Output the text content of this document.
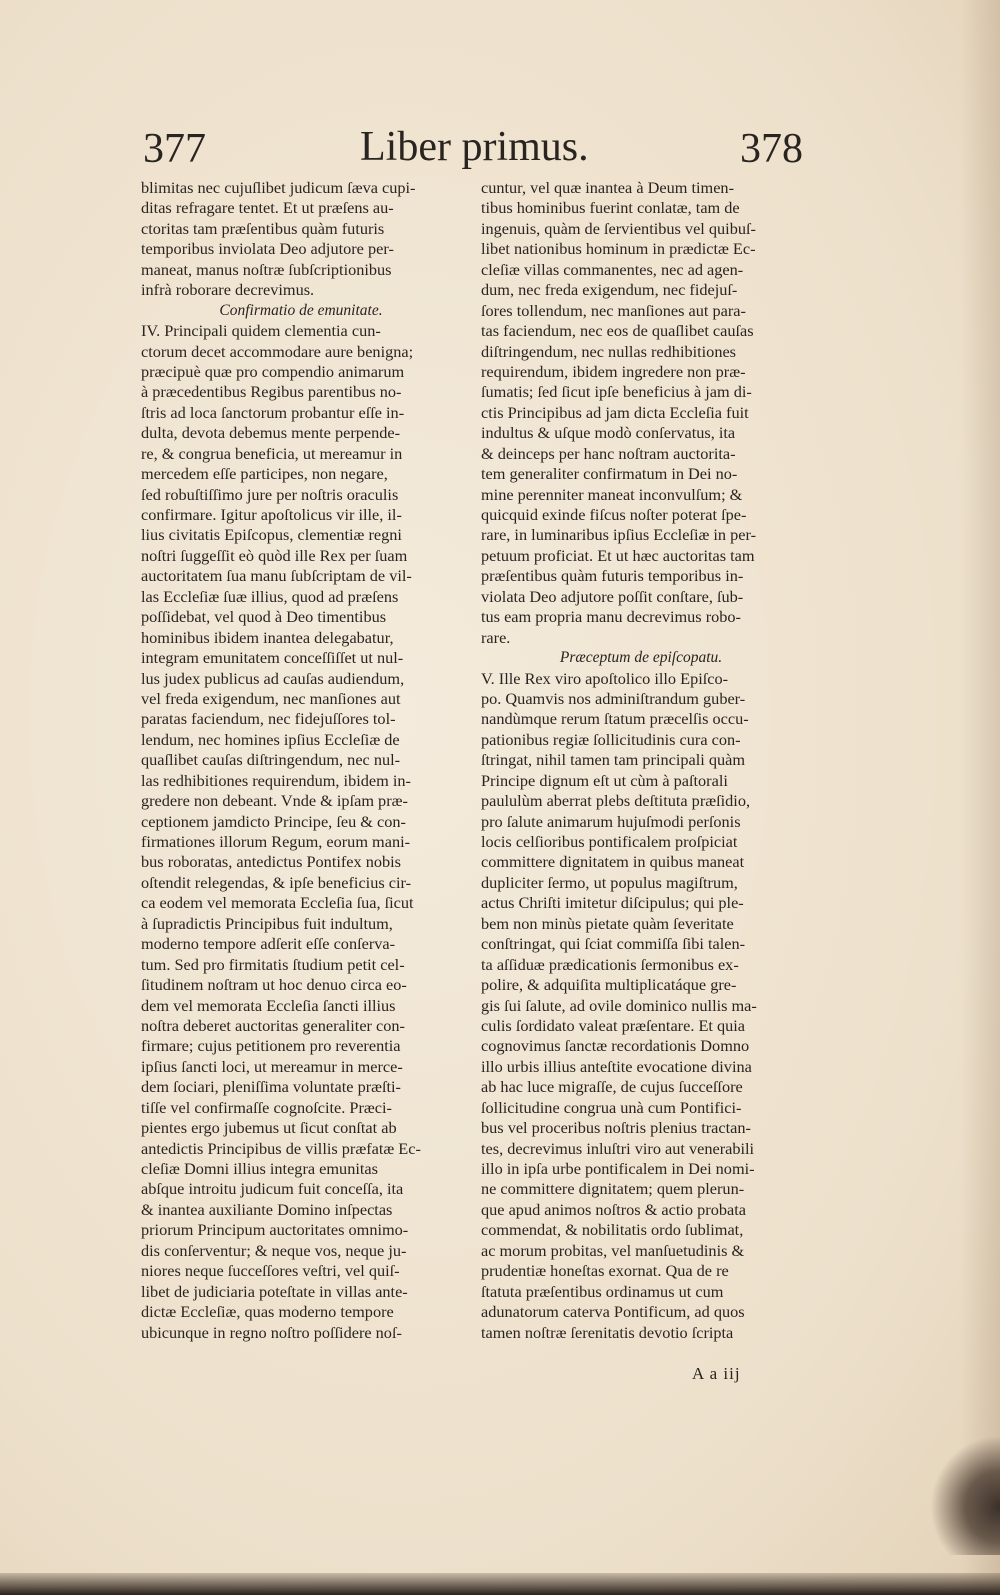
377	Liber primus.	378
blimitas nec cujuſlibet judicum ſæva cupi-
ditas refragare tentet. Et ut præſens au-
ctoritas tam præſentibus quàm futuris
temporibus inviolata Deo adjutore per-
maneat, manus noſtræ ſubſcriptionibus
infrà roborare decrevimus.
Confirmatio de emunitate.
IV. Principali quidem clementia cun-
ctorum decet accommodare aure benigna;
præcipuè quæ pro compendio animarum
à præcedentibus Regibus parentibus no-
ſtris ad loca ſanctorum probantur eſſe in-
dulta, devota debemus mente perpende-
re, & congrua beneficia, ut mereamur in
mercedem eſſe participes, non negare,
ſed robuſtiſſimo jure per noſtris oraculis
confirmare. Igitur apoſtolicus vir ille, il-
lius civitatis Epiſcopus, clementiæ regni
noſtri ſuggeſſit eò quòd ille Rex per ſuam
auctoritatem ſua manu ſubſcriptam de vil-
las Eccleſiæ ſuæ illius, quod ad præſens
poſſidebat, vel quod à Deo timentibus
hominibus ibidem inantea delegabatur,
integram emunitatem conceſſiſſet ut nul-
lus judex publicus ad cauſas audiendum,
vel freda exigendum, nec manſiones aut
paratas faciendum, nec fidejuſſores tol-
lendum, nec homines ipſius Eccleſiæ de
quaſlibet cauſas diſtringendum, nec nul-
las redhibitiones requirendum, ibidem in-
gredere non debeant. Vnde & ipſam præ-
ceptionem jamdicto Principe, ſeu & con-
firmationes illorum Regum, eorum mani-
bus roboratas, antedictus Pontifex nobis
oſtendit relegendas, & ipſe beneficius cir-
ca eodem vel memorata Eccleſia ſua, ſicut
à ſupradictis Principibus fuit indultum,
moderno tempore adſerit eſſe conſerva-
tum. Sed pro firmitatis ſtudium petit cel-
ſitudinem noſtram ut hoc denuo circa eo-
dem vel memorata Eccleſia ſancti illius
noſtra deberet auctoritas generaliter con-
firmare; cujus petitionem pro reverentia
ipſius ſancti loci, ut mereamur in merce-
dem ſociari, pleniſſima voluntate præſti-
tiſſe vel confirmaſſe cognoſcite. Præci-
pientes ergo jubemus ut ſicut conſtat ab
antedictis Principibus de villis præfatæ Ec-
cleſiæ Domni illius integra emunitas
abſque introitu judicum fuit conceſſa, ita
& inantea auxiliante Domino inſpectas
priorum Principum auctoritates omnimo-
dis conſerventur; & neque vos, neque ju-
niores neque ſucceſſores veſtri, vel quiſ-
libet de judiciaria poteſtate in villas ante-
dictæ Eccleſiæ, quas moderno tempore
ubicunque in regno noſtro poſſidere noſ-
cuntur, vel quæ inantea à Deum timen-
tibus hominibus fuerint conlatæ, tam de
ingenuis, quàm de ſervientibus vel quibuſ-
libet nationibus hominum in prædictæ Ec-
cleſiæ villas commanentes, nec ad agen-
dum, nec freda exigendum, nec fidejuſ-
ſores tollendum, nec manſiones aut para-
tas faciendum, nec eos de quaſlibet cauſas
diſtringendum, nec nullas redhibitiones
requirendum, ibidem ingredere non præ-
ſumatis; ſed ſicut ipſe beneficius à jam di-
ctis Principibus ad jam dicta Eccleſia fuit
indultus & uſque modò conſervatus, ita
& deinceps per hanc noſtram auctorita-
tem generaliter confirmatum in Dei no-
mine perenniter maneat inconvulſum; &
quicquid exinde fiſcus noſter poterat ſpe-
rare, in luminaribus ipſius Eccleſiæ in per-
petuum proficiat. Et ut hæc auctoritas tam
præſentibus quàm futuris temporibus in-
violata Deo adjutore poſſit conſtare, ſub-
tus eam propria manu decrevimus robo-
rare.
Præceptum de epiſcopatu.
V. Ille Rex viro apoſtolico illo Epiſco-
po. Quamvis nos adminiſtrandum guber-
nandùmque rerum ſtatum præcelſis occu-
pationibus regiæ ſollicitudinis cura con-
ſtringat, nihil tamen tam principali quàm
Principe dignum eſt ut cùm à paſtorali
paululùm aberrat plebs deſtituta præſidio,
pro ſalute animarum hujuſmodi perſonis
locis celſioribus pontificalem proſpiciat
committere dignitatem in quibus maneat
dupliciter ſermo, ut populus magiſtrum,
actus Chriſti imitetur diſcipulus; qui ple-
bem non minùs pietate quàm ſeveritate
conſtringat, qui ſciat commiſſa ſibi talen-
ta aſſiduæ prædicationis ſermonibus ex-
polire, & adquiſita multiplicatáque gre-
gis ſui ſalute, ad ovile dominico nullis ma-
culis ſordidato valeat præſentare. Et quia
cognovimus ſanctæ recordationis Domno
illo urbis illius anteſtite evocatione divina
ab hac luce migraſſe, de cujus ſucceſſore
ſollicitudine congrua unà cum Pontifici-
bus vel proceribus noſtris plenius tractan-
tes, decrevimus inluſtri viro aut venerabili
illo in ipſa urbe pontificalem in Dei nomi-
ne committere dignitatem; quem plerun-
que apud animos noſtros & actio probata
commendat, & nobilitatis ordo ſublimat,
ac morum probitas, vel manſuetudinis &
prudentiæ honeſtas exornat. Qua de re
ſtatuta præſentibus ordinamus ut cum
adunatorum caterva Pontificum, ad quos
tamen noſtræ ſerenitatis devotio ſcripta
A a iij
